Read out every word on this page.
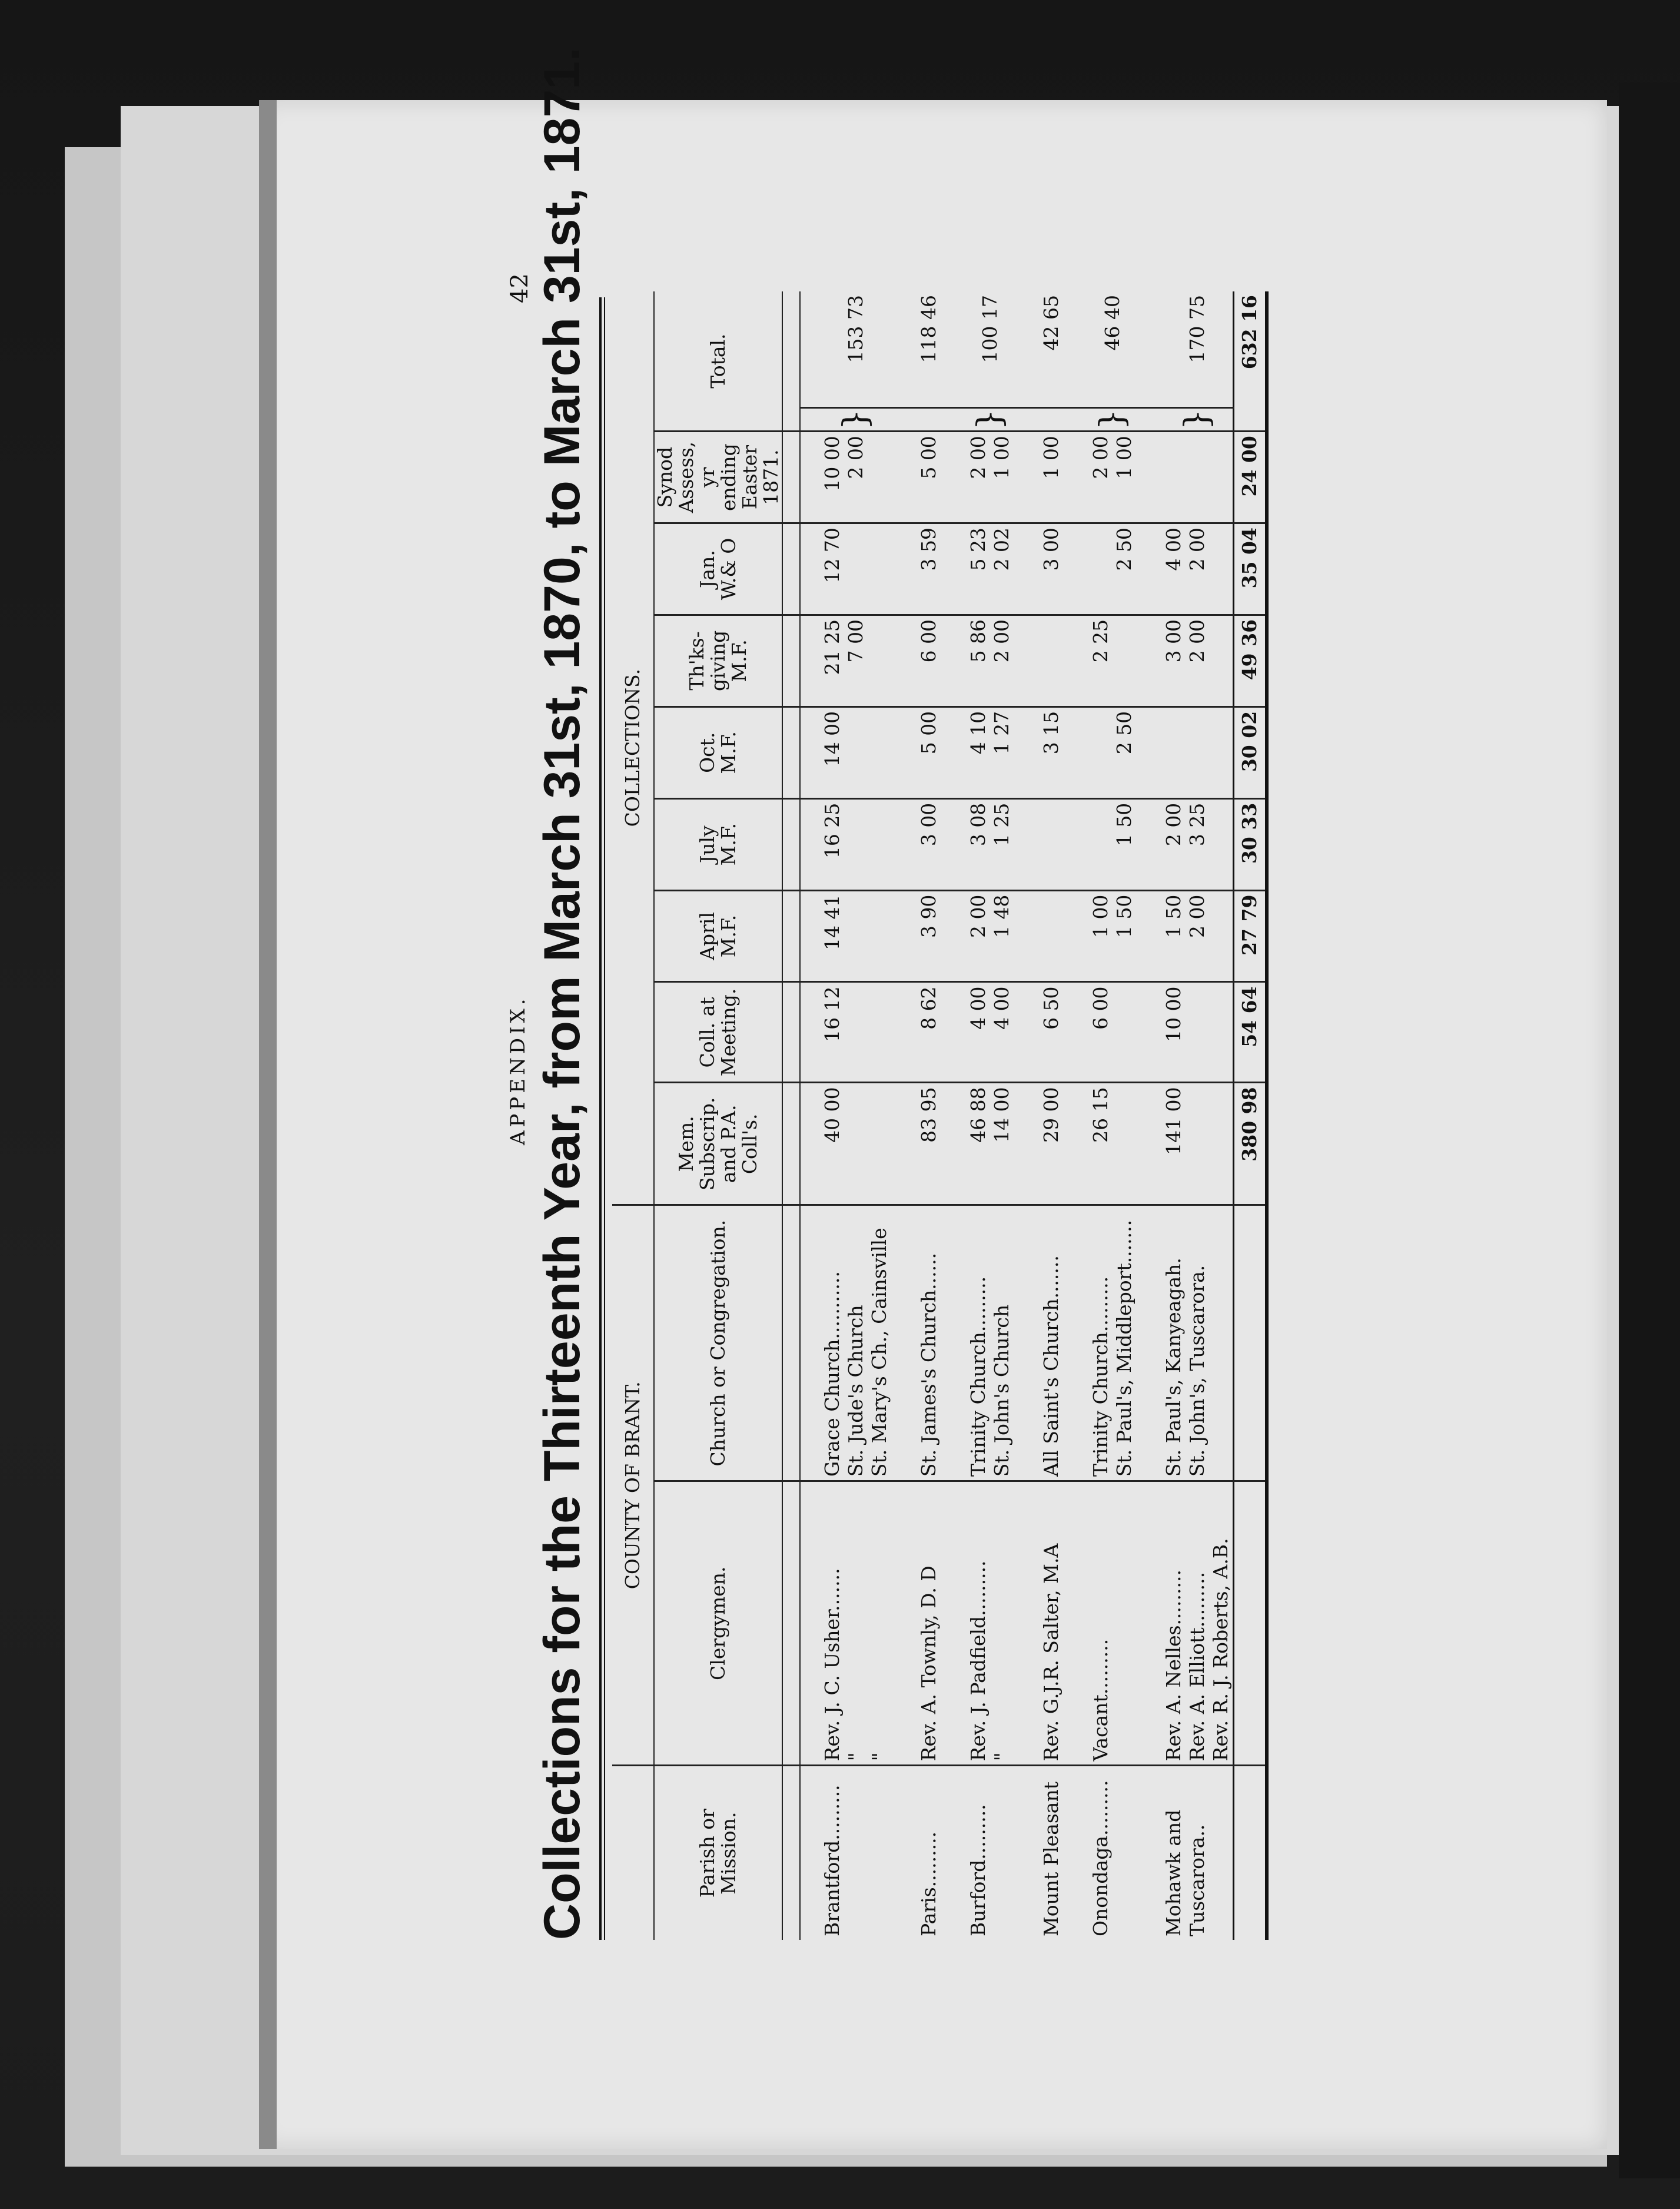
42
APPENDIX. Collections for the Thirteenth Year, from March 31st, 1870, to March 31st, 1871.
	COUNTY OF BRANT.		COLLECTIONS.									
Parish or Mission.	Clergymen.	Church or Congregation.	Mem. Subscrip. and P.A. Coll's.	Coll. at Meeting.	April M.F.	July M.F.	Oct. M.F.	Th'ks-giving M.F.	Jan. W.& O	Synod Assess, yr ending Easter 1871.	Total.	

Brantford.........	Rev. J. C. Usher.......	Grace Church...........	40 00	16 12	14 41	16 25	14 00	21 25	12 70	10 00	}	153 73
	"	St. Jude's Church						7 00		2 00		
	"	St. Mary's Ch., Cainsville										
Paris.........	Rev. A. Townly, D. D	St. James's Church......	83 95	8 62	3 90	3 00	5 00	6 00	3 59	5 00		118 46
Burford.........	Rev. J. Padfield.........	Trinity Church.........	46 88	4 00	2 00	3 08	4 10	5 86	5 23	2 00	}	100 17
	"	St. John's Church	14 00	4 00	1 48	1 25	1 27	2 00	2 02	1 00		
Mount Pleasant	Rev. G.J.R. Salter, M.A	All Saint's Church.......	29 00	6 50			3 15		3 00	1 00		42 65
Onondaga.........	Vacant.........	Trinity Church.........	26 15	6 00	1 00			2 25		2 00	}	46 40
		St. Paul's, Middleport.......			1 50	1 50	2 50		2 50	1 00		
Mohawk and	Rev. A. Nelles.........	St. Paul's, Kanyeagah.	141 00	10 00	1 50	2 00		3 00	4 00		}	170 75
Tuscarora..	Rev. A. Elliott.........	St. John's, Tuscarora.			2 00	3 25		2 00	2 00			
	Rev. R. J. Roberts, A.B.											
			380 98	54 64	27 79	30 33	30 02	49 36	35 04	24 00	632 16	
